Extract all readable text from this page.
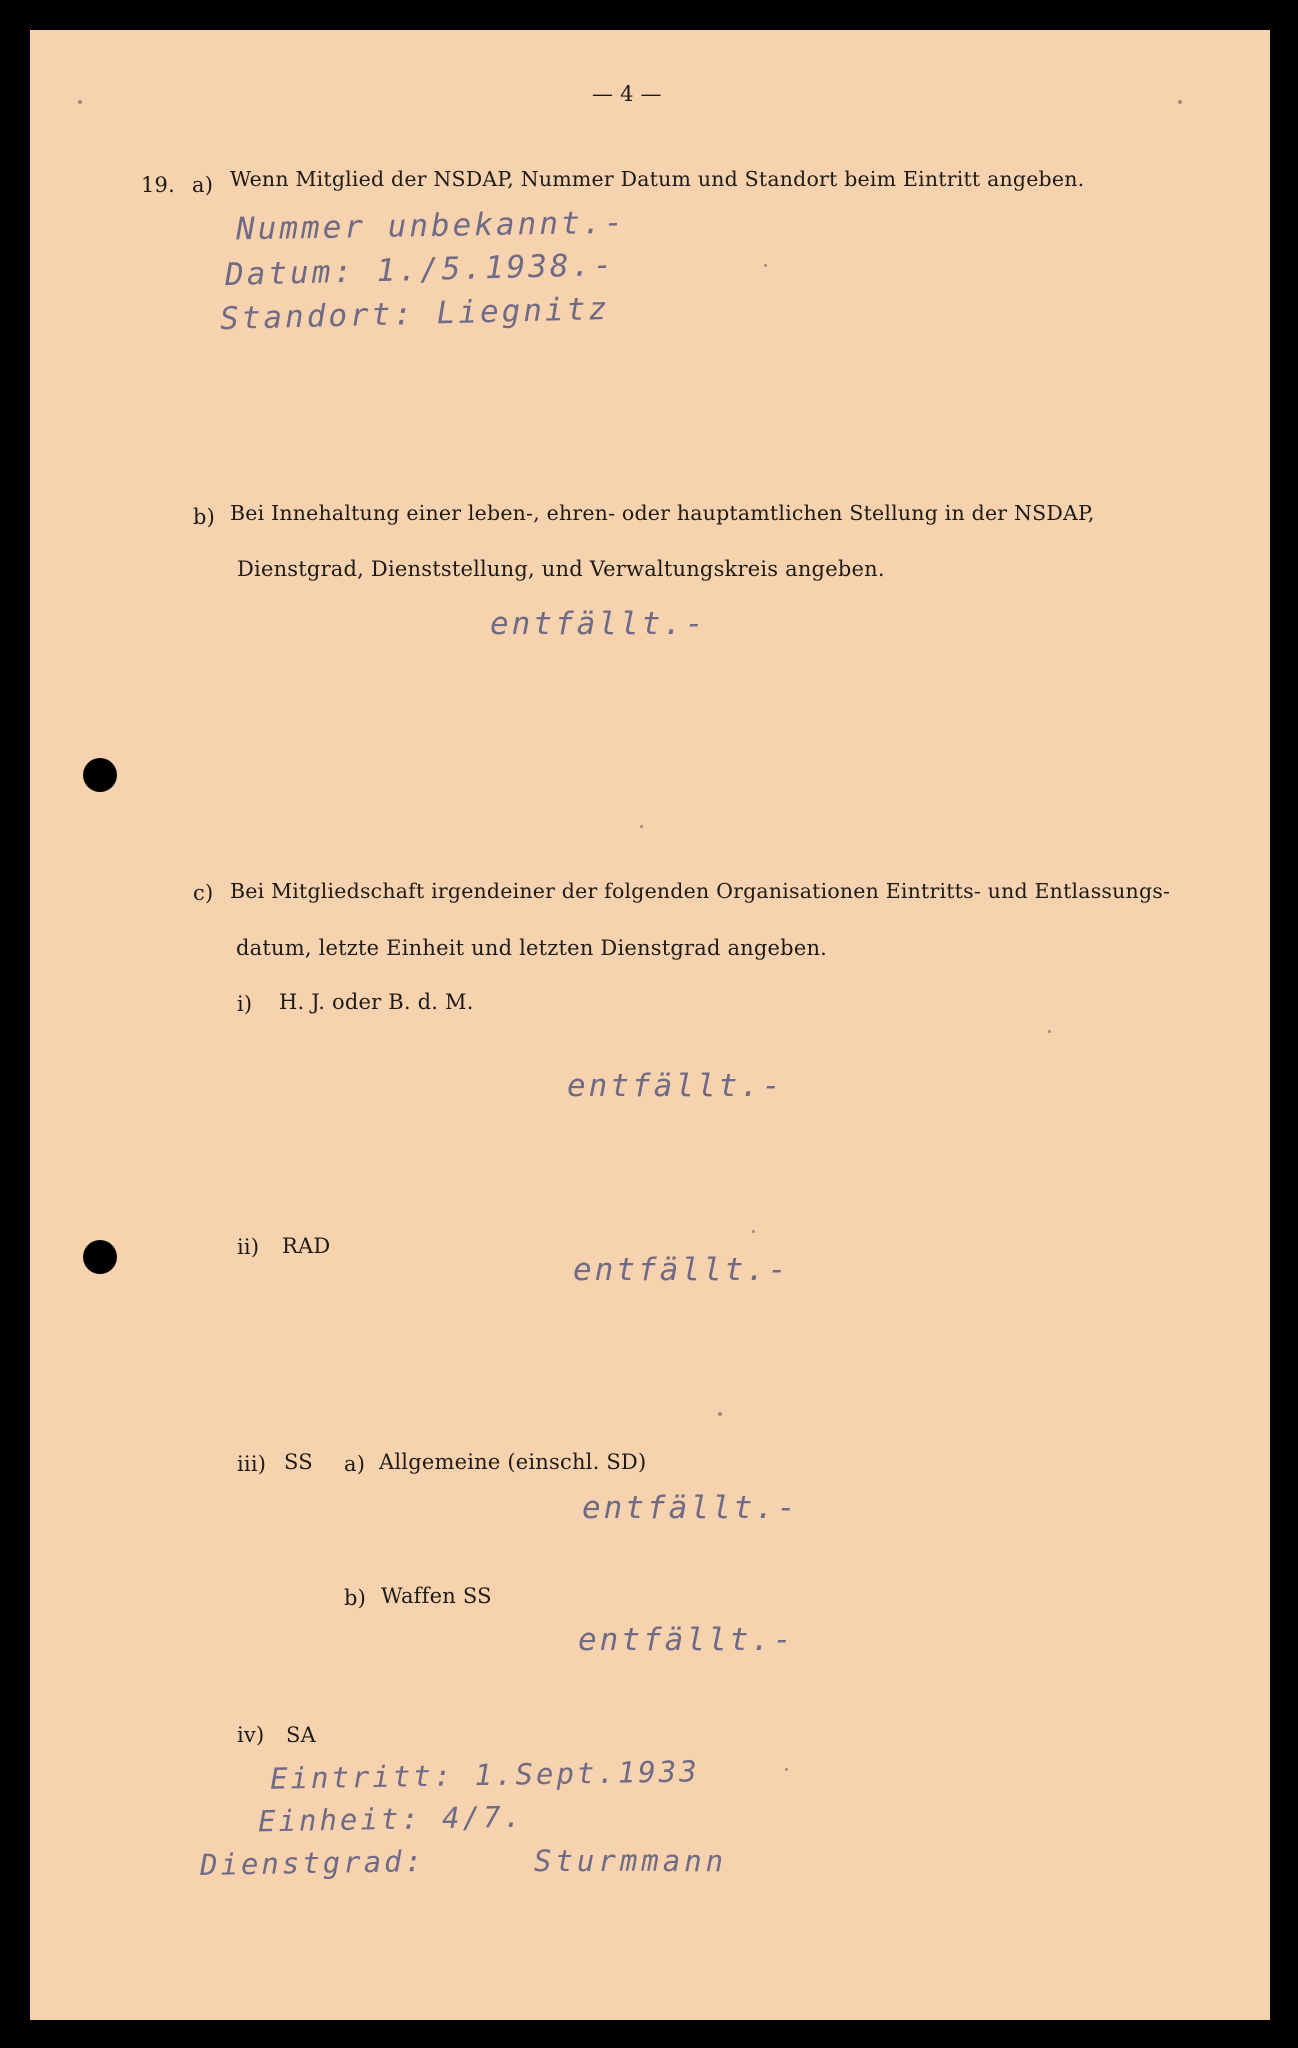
— 4 —
19. a) Wenn Mitglied der NSDAP, Nummer Datum und Standort beim Eintritt angeben.
Nummer unbekannt.-
Datum: 1./5.1938.-
Standort: Liegnitz
b) Bei Innehaltung einer leben-, ehren- oder hauptamtlichen Stellung in der NSDAP,
Dienstgrad, Dienststellung, und Verwaltungskreis angeben.
entfällt.-
c) Bei Mitgliedschaft irgendeiner der folgenden Organisationen Eintritts- und Entlassungs-
datum, letzte Einheit und letzten Dienstgrad angeben.
i) H. J. oder B. d. M.
entfällt.-
ii) RAD
entfällt.-
iii) SS a) Allgemeine (einschl. SD)
entfällt.-
b) Waffen SS
entfällt.-
iv) SA
Eintritt: 1.Sept.1933
Einheit: 4/7.
Dienstgrad:	Sturmmann
